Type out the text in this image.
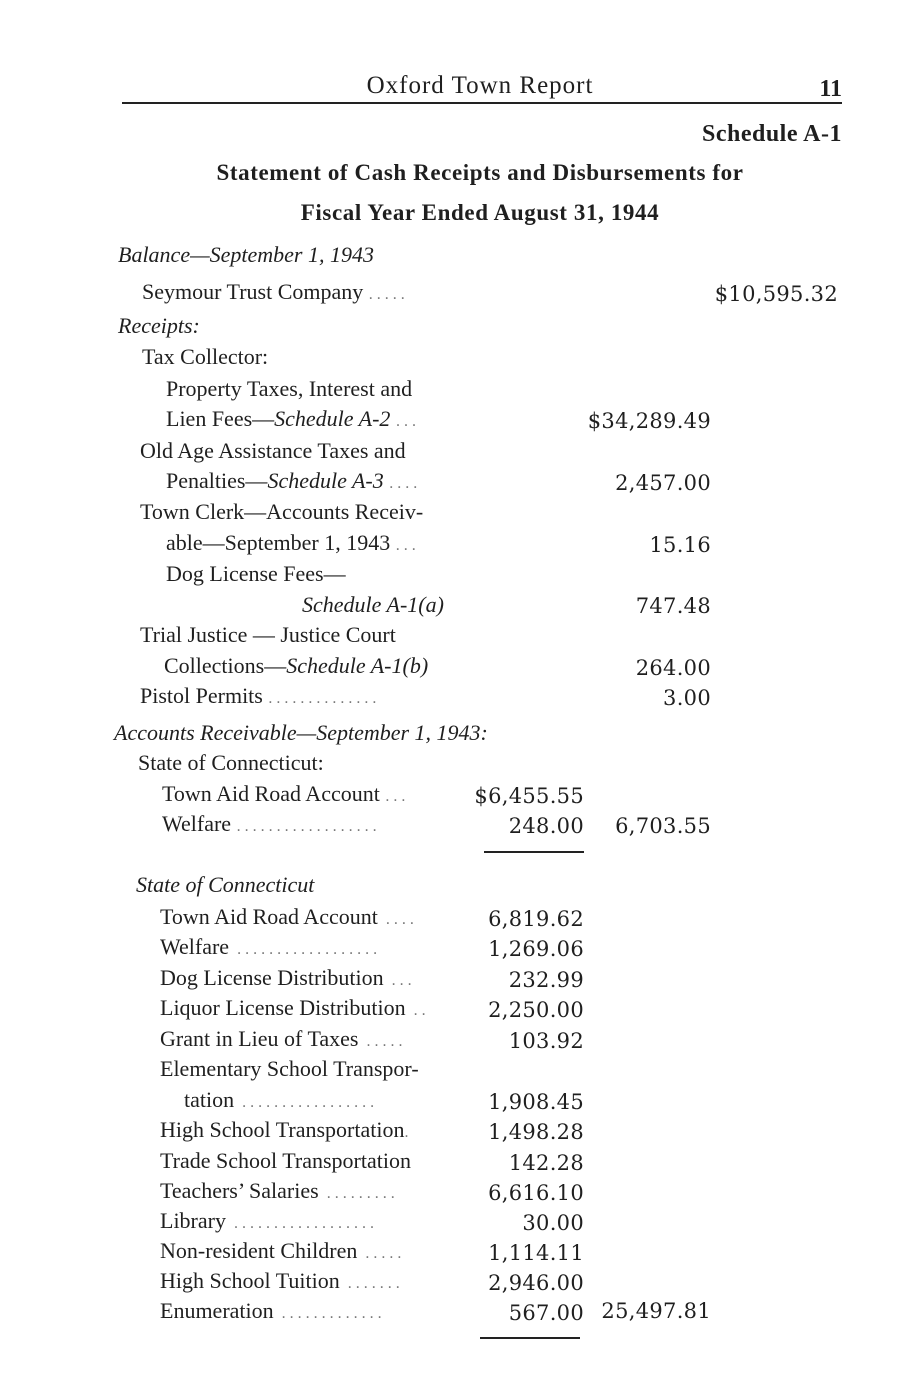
Oxford Town Report	11
Schedule A-1
Statement of Cash Receipts and Disbursements for
Fiscal Year Ended August 31, 1944
Balance—September 1, 1943
Seymour Trust Company .....	$10,595.32
Receipts:
Tax Collector:
Property Taxes, Interest and
Lien Fees—Schedule A-2 ...	$34,289.49
Old Age Assistance Taxes and
Penalties—Schedule A-3 ....	2,457.00
Town Clerk—Accounts Receiv-
able—September 1, 1943 ...	15.16
Dog License Fees—
Schedule A-1(a)	747.48
Trial Justice — Justice Court
Collections—Schedule A-1(b)	264.00
Pistol Permits ..............	3.00
Accounts Receivable—September 1, 1943:
State of Connecticut:
Town Aid Road Account ...	$6,455.55
Welfare ..................	248.00 6,703.55
State of Connecticut
Town Aid Road Account ....	6,819.62
Welfare ..................	1,269.06
Dog License Distribution ...	232.99
Liquor License Distribution ..	2,250.00
Grant in Lieu of Taxes .....	103.92
Elementary School Transpor-
tation .................	1,908.45
High School Transportation.	1,498.28
Trade School Transportation	142.28
Teachers’ Salaries .........	6,616.10
Library ..................	30.00
Non-resident Children .....	1,114.11
High School Tuition .......	2,946.00
Enumeration .............	567.00 25,497.81
